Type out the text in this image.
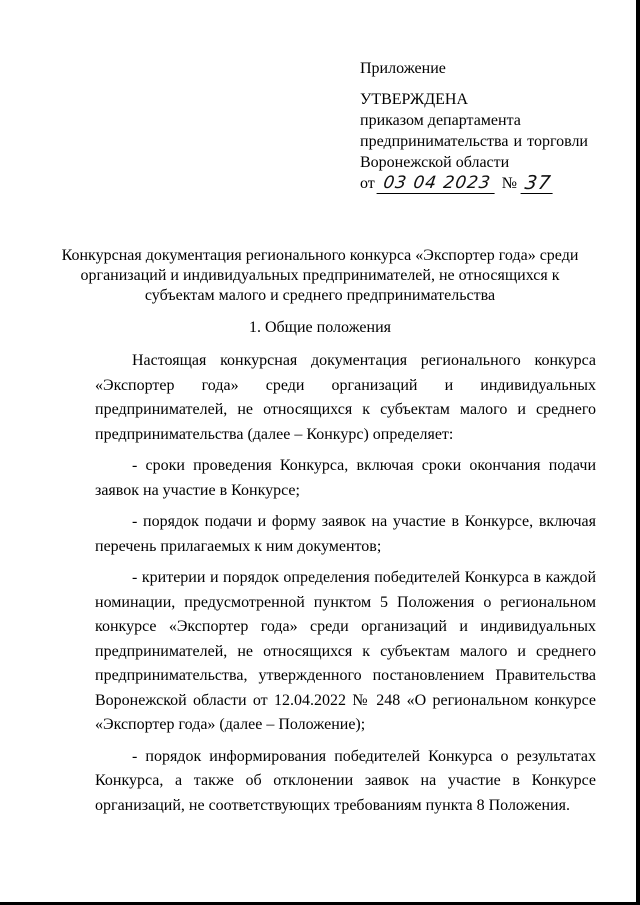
Приложение
УТВЕРЖДЕНА
приказом департамента
предпринимательства и торговли
Воронежской области
от 03 04 2023 № 37
Конкурсная документация регионального конкурса «Экспортер года» среди организаций и индивидуальных предпринимателей, не относящихся к субъектам малого и среднего предпринимательства
1. Общие положения

Настоящая конкурсная документация регионального конкурса «Экспортер года» среди организаций и индивидуальных предпринимателей, не относящихся к субъектам малого и среднего предпринимательства (далее – Конкурс) определяет:

- сроки проведения Конкурса, включая сроки окончания подачи заявок на участие в Конкурсе;

- порядок подачи и форму заявок на участие в Конкурсе, включая перечень прилагаемых к ним документов;

- критерии и порядок определения победителей Конкурса в каждой номинации, предусмотренной пунктом 5 Положения о региональном конкурсе «Экспортер года» среди организаций и индивидуальных предпринимателей, не относящихся к субъектам малого и среднего предпринимательства, утвержденного постановлением Правительства Воронежской области от 12.04.2022 № 248 «О региональном конкурсе «Экспортер года» (далее – Положение);

- порядок информирования победителей Конкурса о результатах Конкурса, а также об отклонении заявок на участие в Конкурсе организаций, не соответствующих требованиям пункта 8 Положения.
